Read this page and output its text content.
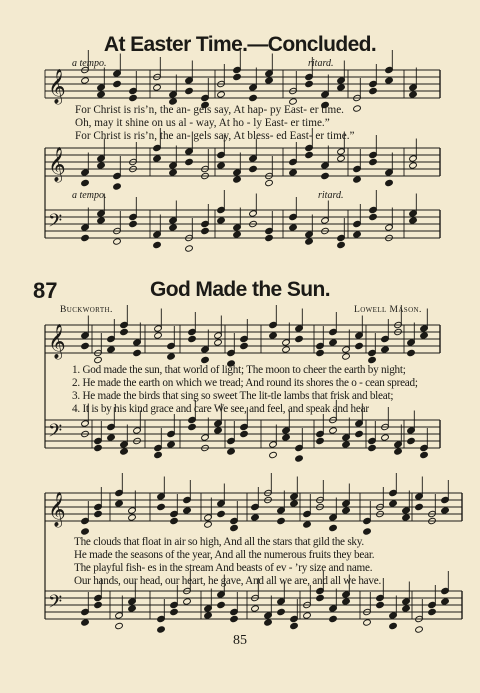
𝄞
𝄞
𝄢
𝄞
𝄢
𝄞
𝄢
At Easter Time.—Concluded.
a tempo.	ritard.
For Christ is ris’n, the an- gels say, At hap- py East- er time.
Oh, may it shine on us al - way, At ho - ly East- er time.”
For Christ is ris’n, the an- gels say, At bless- ed East- er time.”
a tempo.	ritard.
87	God Made the Sun.
Buckworth.	Lowell Mason.
1. God made the sun, that world of light; The moon to cheer the earth by night;
2. He made the earth on which we tread; And round its shores the o - cean spread;
3. He made the birds that sing so sweet The lit-tle lambs that frisk and bleat;
4. It is by his kind grace and care We see, and feel, and speak and hear
The clouds that float in air so high, And all the stars that gild the sky.
He made the seasons of the year, And all the numerous fruits they bear.
The playful fish- es in the stream And beasts of ev - ’ry size and name.
Our hands, our head, our heart, he gave, And all we are, and all we have.
85
